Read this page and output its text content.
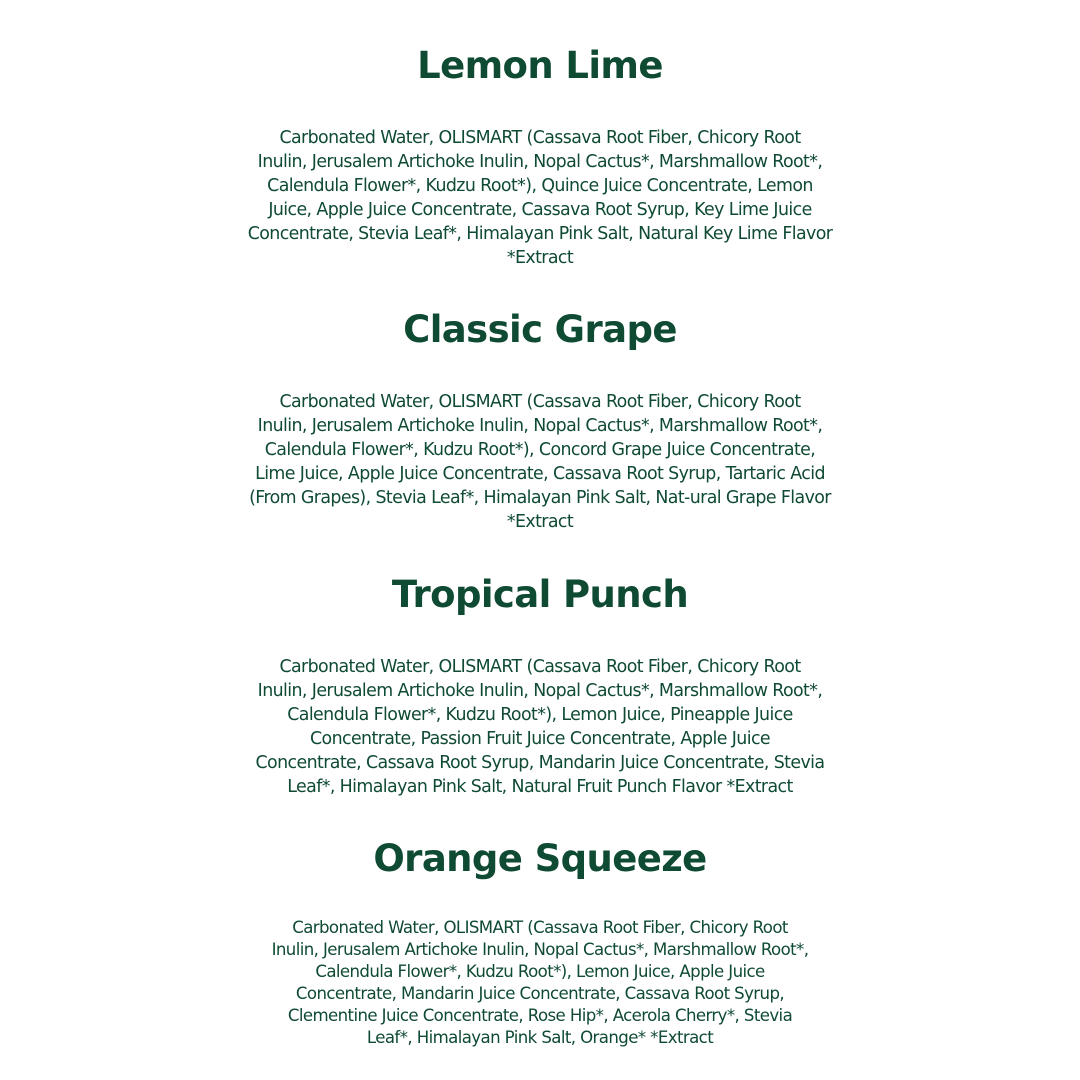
Lemon Lime

Carbonated Water, OLISMART (Cassava Root Fiber, Chicory Root
Inulin, Jerusalem Artichoke Inulin, Nopal Cactus*, Marshmallow Root*,
Calendula Flower*, Kudzu Root*), Quince Juice Concentrate, Lemon
Juice, Apple Juice Concentrate, Cassava Root Syrup, Key Lime Juice
Concentrate, Stevia Leaf*, Himalayan Pink Salt, Natural Key Lime Flavor
*Extract

Classic Grape

Carbonated Water, OLISMART (Cassava Root Fiber, Chicory Root
Inulin, Jerusalem Artichoke Inulin, Nopal Cactus*, Marshmallow Root*,
Calendula Flower*, Kudzu Root*), Concord Grape Juice Concentrate,
Lime Juice, Apple Juice Concentrate, Cassava Root Syrup, Tartaric Acid
(From Grapes), Stevia Leaf*, Himalayan Pink Salt, Nat-ural Grape Flavor
*Extract

Tropical Punch

Carbonated Water, OLISMART (Cassava Root Fiber, Chicory Root
Inulin, Jerusalem Artichoke Inulin, Nopal Cactus*, Marshmallow Root*,
Calendula Flower*, Kudzu Root*), Lemon Juice, Pineapple Juice
Concentrate, Passion Fruit Juice Concentrate, Apple Juice
Concentrate, Cassava Root Syrup, Mandarin Juice Concentrate, Stevia
Leaf*, Himalayan Pink Salt, Natural Fruit Punch Flavor *Extract

Orange Squeeze

Carbonated Water, OLISMART (Cassava Root Fiber, Chicory Root
Inulin, Jerusalem Artichoke Inulin, Nopal Cactus*, Marshmallow Root*,
Calendula Flower*, Kudzu Root*), Lemon Juice, Apple Juice
Concentrate, Mandarin Juice Concentrate, Cassava Root Syrup,
Clementine Juice Concentrate, Rose Hip*, Acerola Cherry*, Stevia
Leaf*, Himalayan Pink Salt, Orange* *Extract
